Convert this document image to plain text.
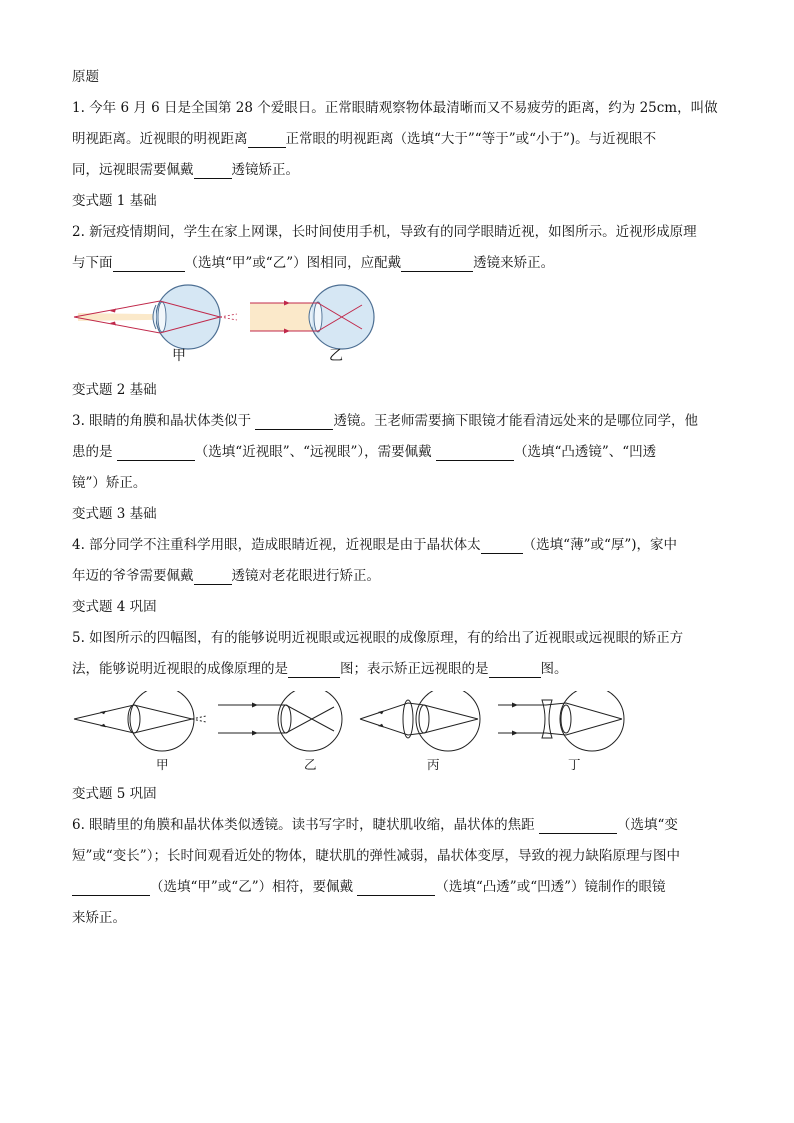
原题
1. 今年 6 月 6 日是全国第 28 个爱眼日。正常眼睛观察物体最清晰而又不易疲劳的距离，约为 25cm，叫做
明视距离。近视眼的明视距离	正常眼的明视距离（选填“大于”“等于”或“小于”)。与近视眼不
同，远视眼需要佩戴	透镜矫正。
变式题 1 基础
2. 新冠疫情期间，学生在家上网课，长时间使用手机，导致有的同学眼睛近视，如图所示。近视形成原理
与下面	（选填“甲”或“乙”）图相同，应配戴	透镜来矫正。
甲	乙
变式题 2 基础
3. 眼睛的角膜和晶状体类似于	透镜。王老师需要摘下眼镜才能看清远处来的是哪位同学，他
患的是	（选填“近视眼”、“远视眼”），需要佩戴	（选填“凸透镜”、“凹透
镜”）矫正。
变式题 3 基础
4. 部分同学不注重科学用眼，造成眼睛近视，近视眼是由于晶状体太	（选填“薄”或“厚”)，家中
年迈的爷爷需要佩戴	透镜对老花眼进行矫正。
变式题 4 巩固
5. 如图所示的四幅图，有的能够说明近视眼或远视眼的成像原理，有的给出了近视眼或远视眼的矫正方
法，能够说明近视眼的成像原理的是	图；表示矫正远视眼的是	图。
甲	乙	丙	丁
变式题 5 巩固
6. 眼睛里的角膜和晶状体类似透镜。读书写字时，睫状肌收缩，晶状体的焦距	（选填“变
短”或“变长”）；长时间观看近处的物体，睫状肌的弹性减弱，晶状体变厚，导致的视力缺陷原理与图中
（选填“甲”或“乙”）相符，要佩戴	（选填“凸透”或“凹透”）镜制作的眼镜
来矫正。
